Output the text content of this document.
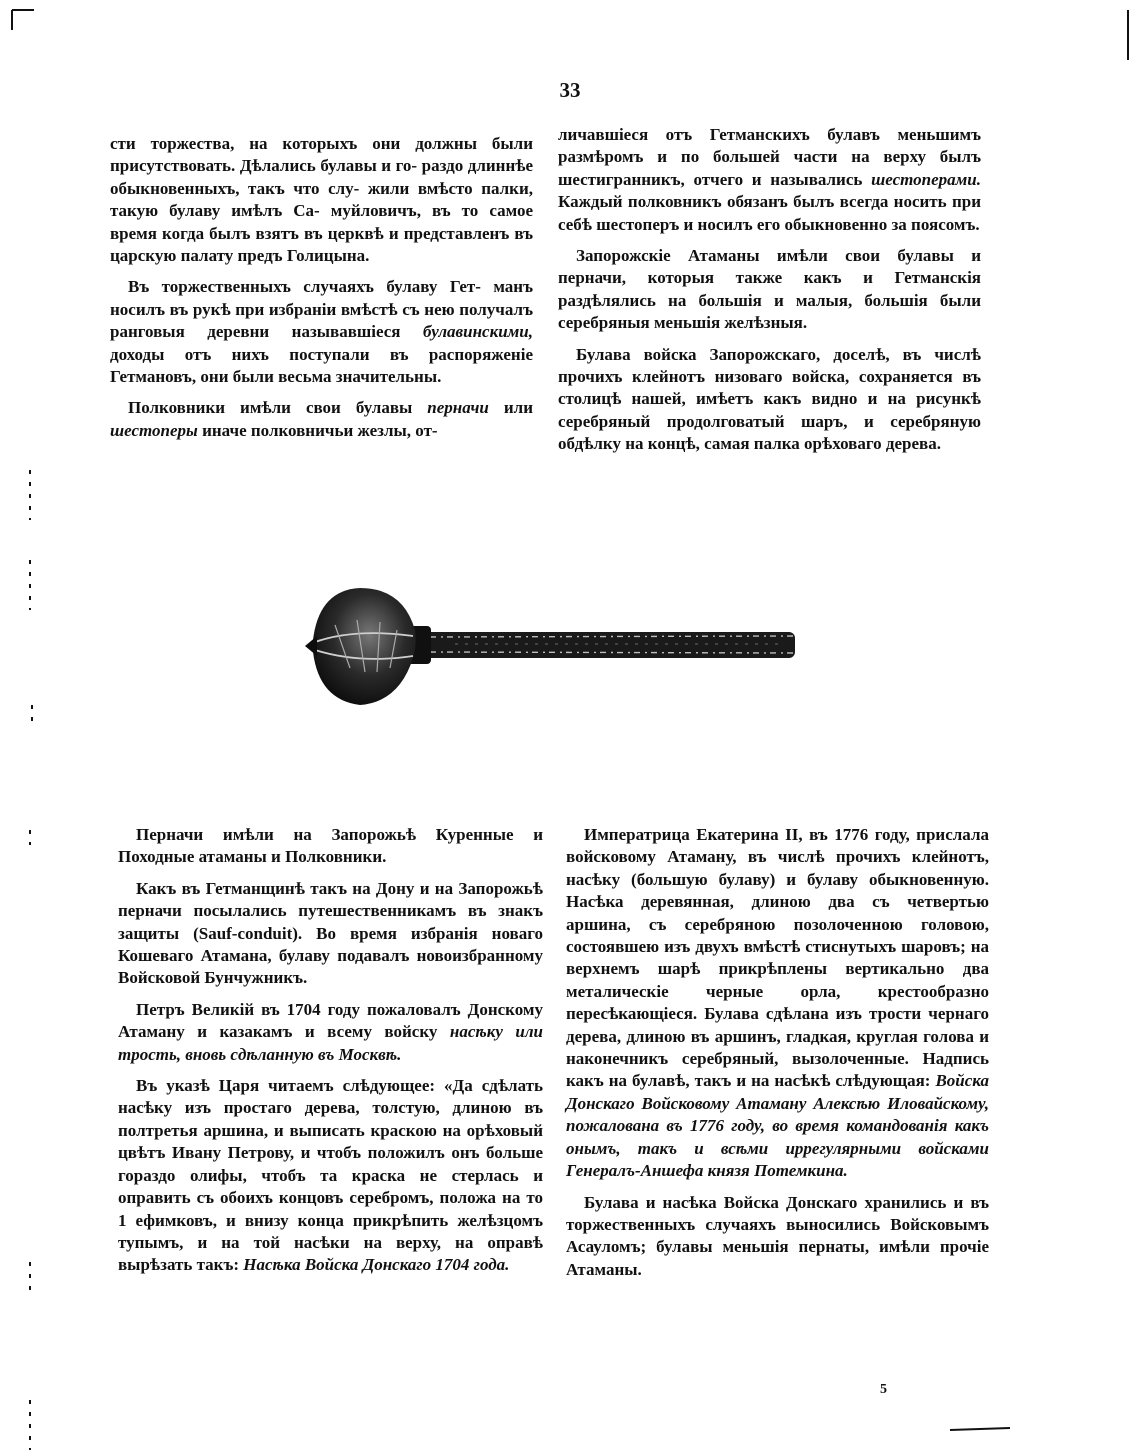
33

сти торжества, на которыхъ они должны были присутствовать. Дѣлались булавы и го- раздо длиннѣе обыкновенныхъ, такъ что слу- жили вмѣсто палки, такую булаву имѣлъ Са- муйловичъ, въ то самое время когда былъ взятъ въ церквѣ и представленъ въ царскую палату предъ Голицына.

Въ торжественныхъ случаяхъ булаву Гет- манъ носилъ въ рукѣ при избраніи вмѣстѣ съ нею получалъ ранговыя деревни называвшіеся булавинскими, доходы отъ нихъ поступали въ распоряженіе Гетмановъ, они были весьма значительны.

Полковники имѣли свои булавы перначи или шестоперы иначе полковничьи жезлы, от-

личавшіеся отъ Гетманскихъ булавъ меньшимъ размѣромъ и по большей части на верху былъ шестигранникъ, отчего и назывались шестоперами. Каждый полковникъ обязанъ былъ всегда носить при себѣ шестоперъ и носилъ его обыкновенно за поясомъ.

Запорожскіе Атаманы имѣли свои булавы и перначи, которыя также какъ и Гетманскія раздѣлялись на большія и малыя, большія были серебряныя меньшія желѣзныя.

Булава войска Запорожскаго, доселѣ, въ числѣ прочихъ клейнотъ низоваго войска, сохраняется въ столицѣ нашей, имѣетъ какъ видно и на рисункѣ серебряный продолговатый шаръ, и серебряную обдѣлку на концѣ, самая палка орѣховаго дерева.

Перначи имѣли на Запорожьѣ Куренные и Походные атаманы и Полковники.

Какъ въ Гетманщинѣ такъ на Дону и на Запорожьѣ перначи посылались путешественникамъ въ знакъ защиты (Sauf-conduit). Во время избранія новаго Кошеваго Атамана, булаву подавалъ новоизбранному Войсковой Бунчужникъ.

Петръ Великій въ 1704 году пожаловалъ Донскому Атаману и казакамъ и всему войску насѣку или трость, вновь сдѣланную въ Москвѣ.

Въ указѣ Царя читаемъ слѣдующее: «Да сдѣлать насѣку изъ простаго дерева, толстую, длиною въ полтретья аршина, и выписать краскою на орѣховый цвѣтъ Ивану Петрову, и чтобъ положилъ онъ больше гораздо олифы, чтобъ та краска не стерлась и оправить съ обоихъ концовъ серебромъ, положа на то 1 ефимковъ, и внизу конца прикрѣпить желѣзцомъ тупымъ, и на той насѣки на верху, на оправѣ вырѣзать такъ: Насѣка Войска Донскаго 1704 года.

Императрица Екатерина II, въ 1776 году, прислала войсковому Атаману, въ числѣ прочихъ клейнотъ, насѣку (большую булаву) и булаву обыкновенную. Насѣка деревянная, длиною два съ четвертью аршина, съ серебряною позолоченною головою, состоявшею изъ двухъ вмѣстѣ стиснутыхъ шаровъ; на верхнемъ шарѣ прикрѣплены вертикально два металическіе черные орла, крестообразно пересѣкающіеся. Булава сдѣлана изъ трости чернаго дерева, длиною въ аршинъ, гладкая, круглая голова и наконечникъ серебряный, вызолоченные. Надпись какъ на булавѣ, такъ и на насѣкѣ слѣдующая: Войска Донскаго Войсковому Атаману Алексѣю Иловайскому, пожалована въ 1776 году, во время командованія какъ онымъ, такъ и всѣми иррегулярными войсками Генералъ-Аншефа князя Потемкина.

Булава и насѣка Войска Донскаго хранились и въ торжественныхъ случаяхъ выносились Войсковымъ Асауломъ; булавы меньшія пернаты, имѣли прочіе Атаманы.

5
